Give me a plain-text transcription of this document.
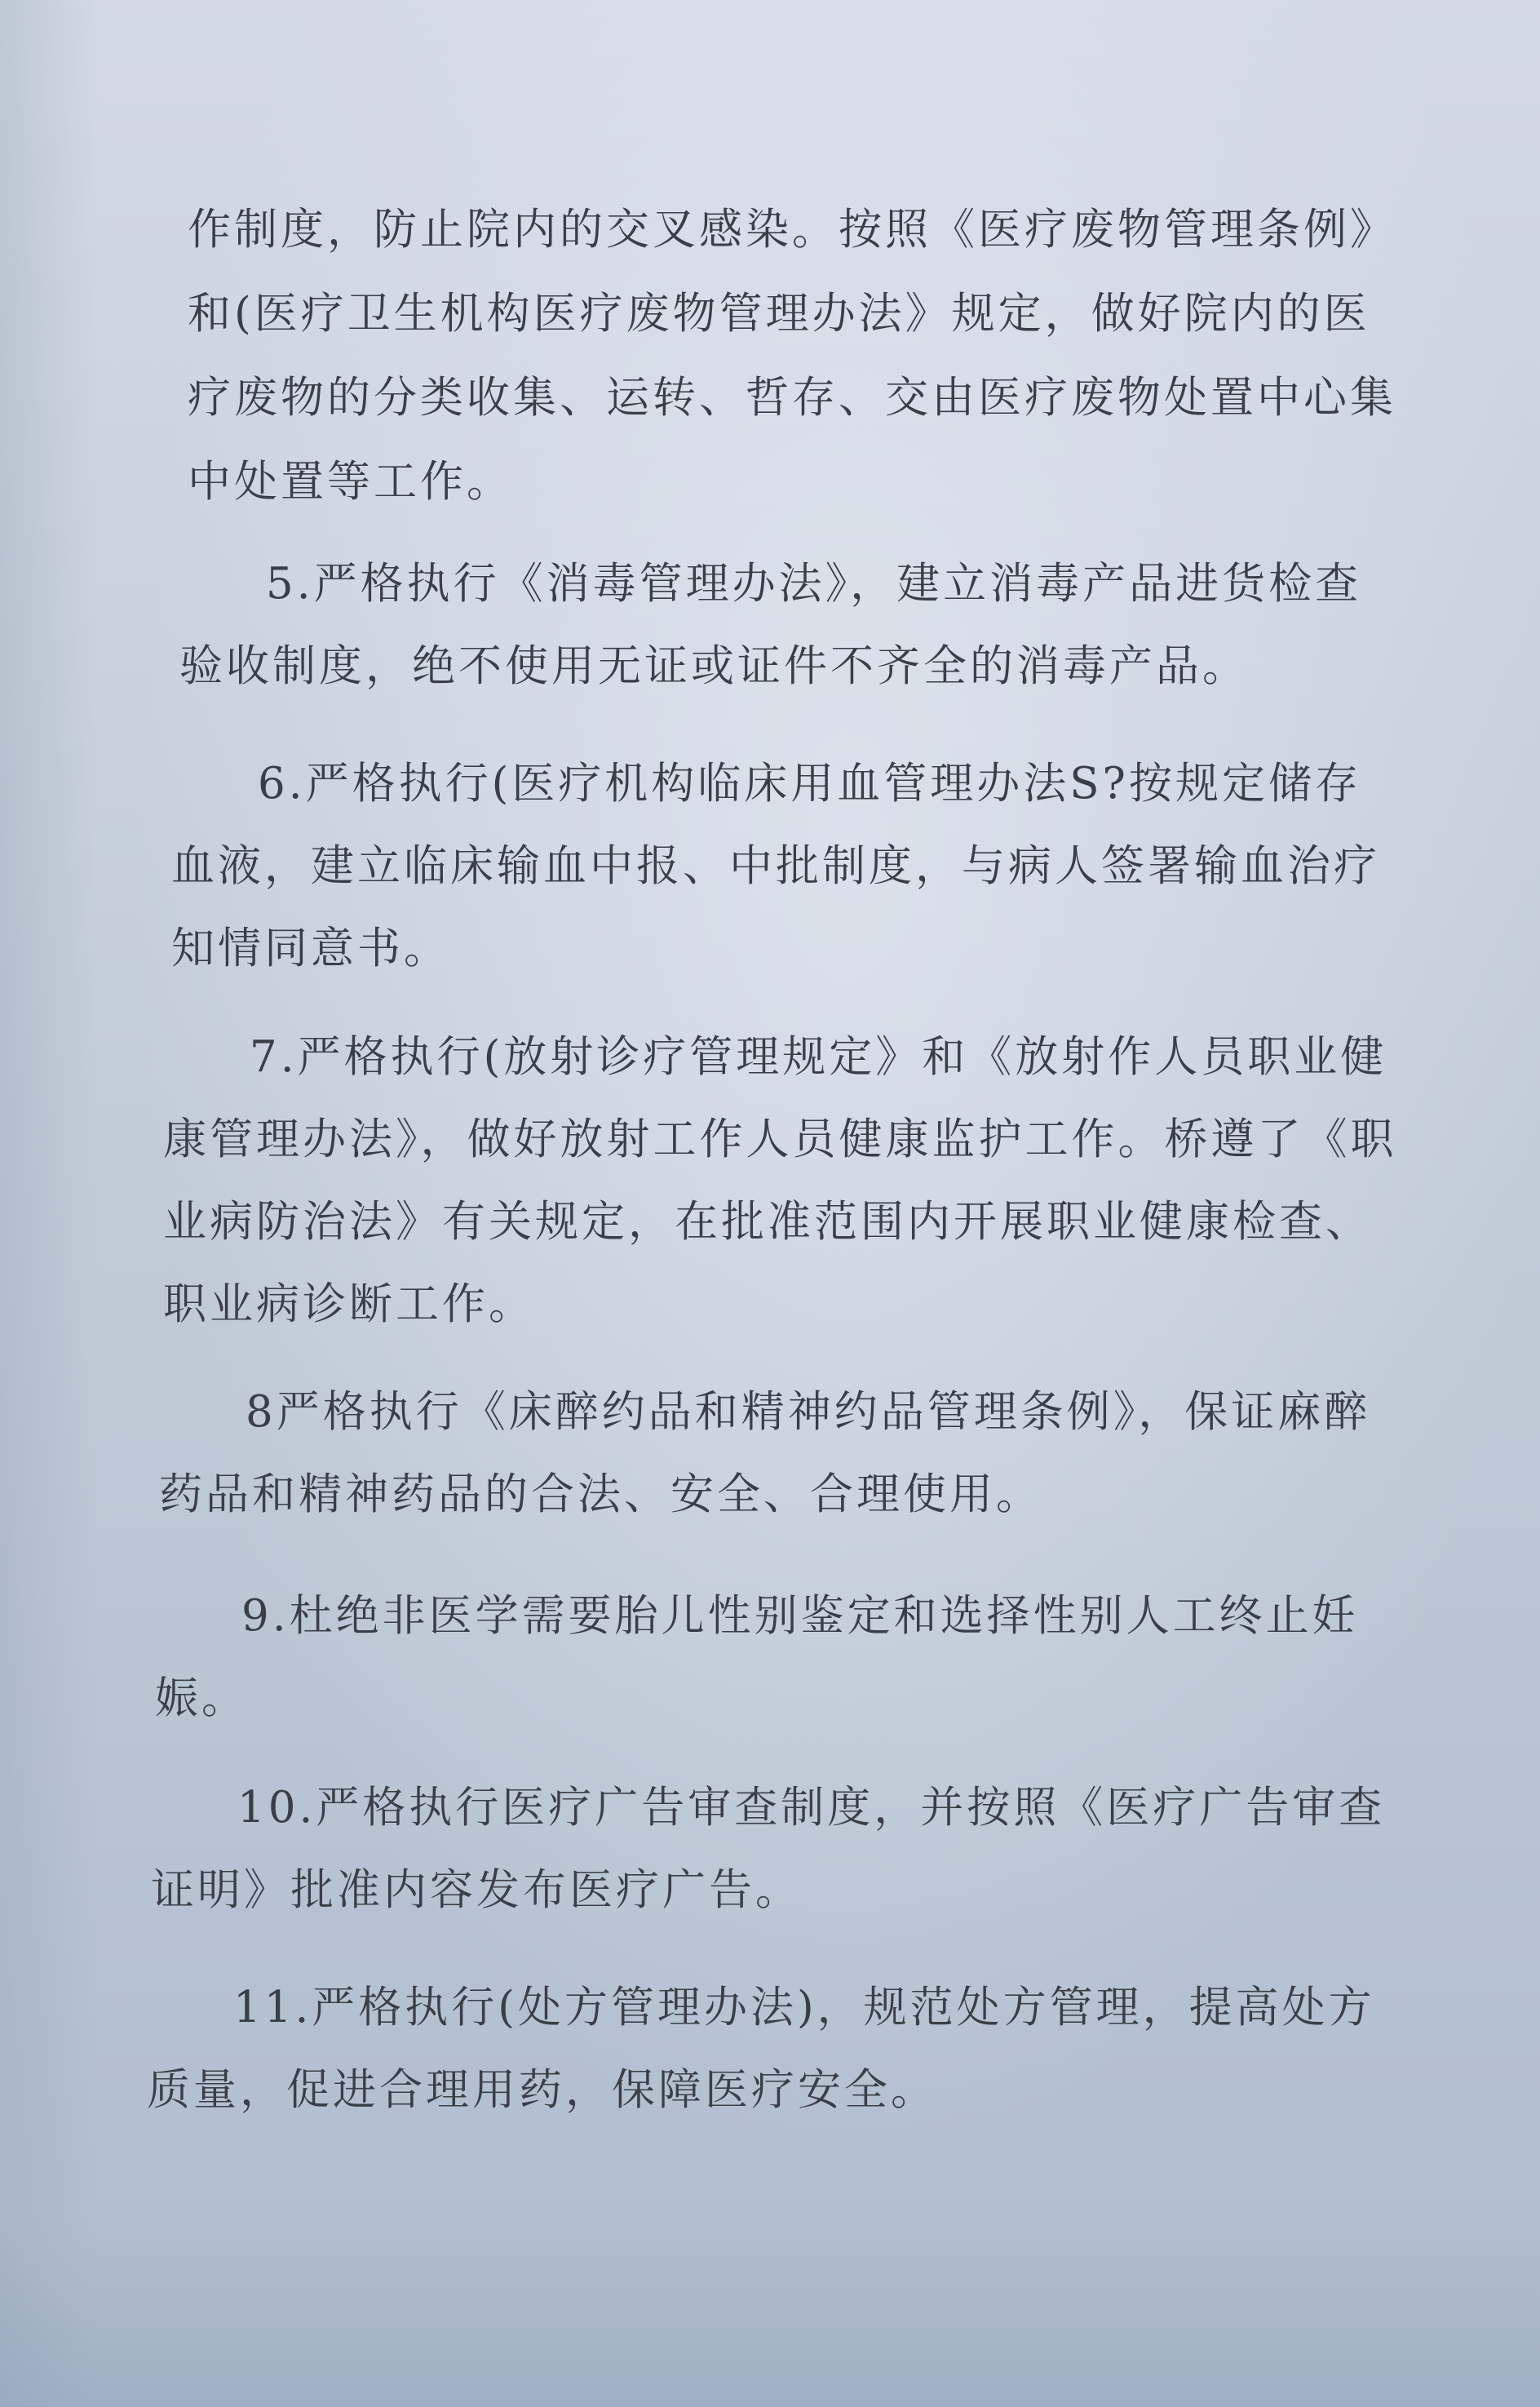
作制度，防止院内的交叉感染。按照《医疗废物管理条例》和(医疗卫生机构医疗废物管理办法》规定，做好院内的医疗废物的分类收集、运转、哲存、交由医疗废物处置中心集中处置等工作。

5.严格执行《消毒管理办法》，建立消毒产品进货检查验收制度，绝不使用无证或证件不齐全的消毒产品。

6.严格执行(医疗机构临床用血管理办法S?按规定储存血液，建立临床输血中报、中批制度，与病人签署输血治疗知情同意书。

7.严格执行(放射诊疗管理规定》和《放射作人员职业健康管理办法》，做好放射工作人员健康监护工作。桥遵了《职业病防治法》有关规定，在批准范围内开展职业健康检查、职业病诊断工作。

8严格执行《床醉约品和精神约品管理条例》，保证麻醉药品和精神药品的合法、安全、合理使用。

9.杜绝非医学需要胎儿性别鉴定和选择性别人工终止妊娠。

10.严格执行医疗广告审查制度，并按照《医疗广告审查证明》批准内容发布医疗广告。

11.严格执行(处方管理办法)，规范处方管理，提高处方质量，促进合理用药，保障医疗安全。
